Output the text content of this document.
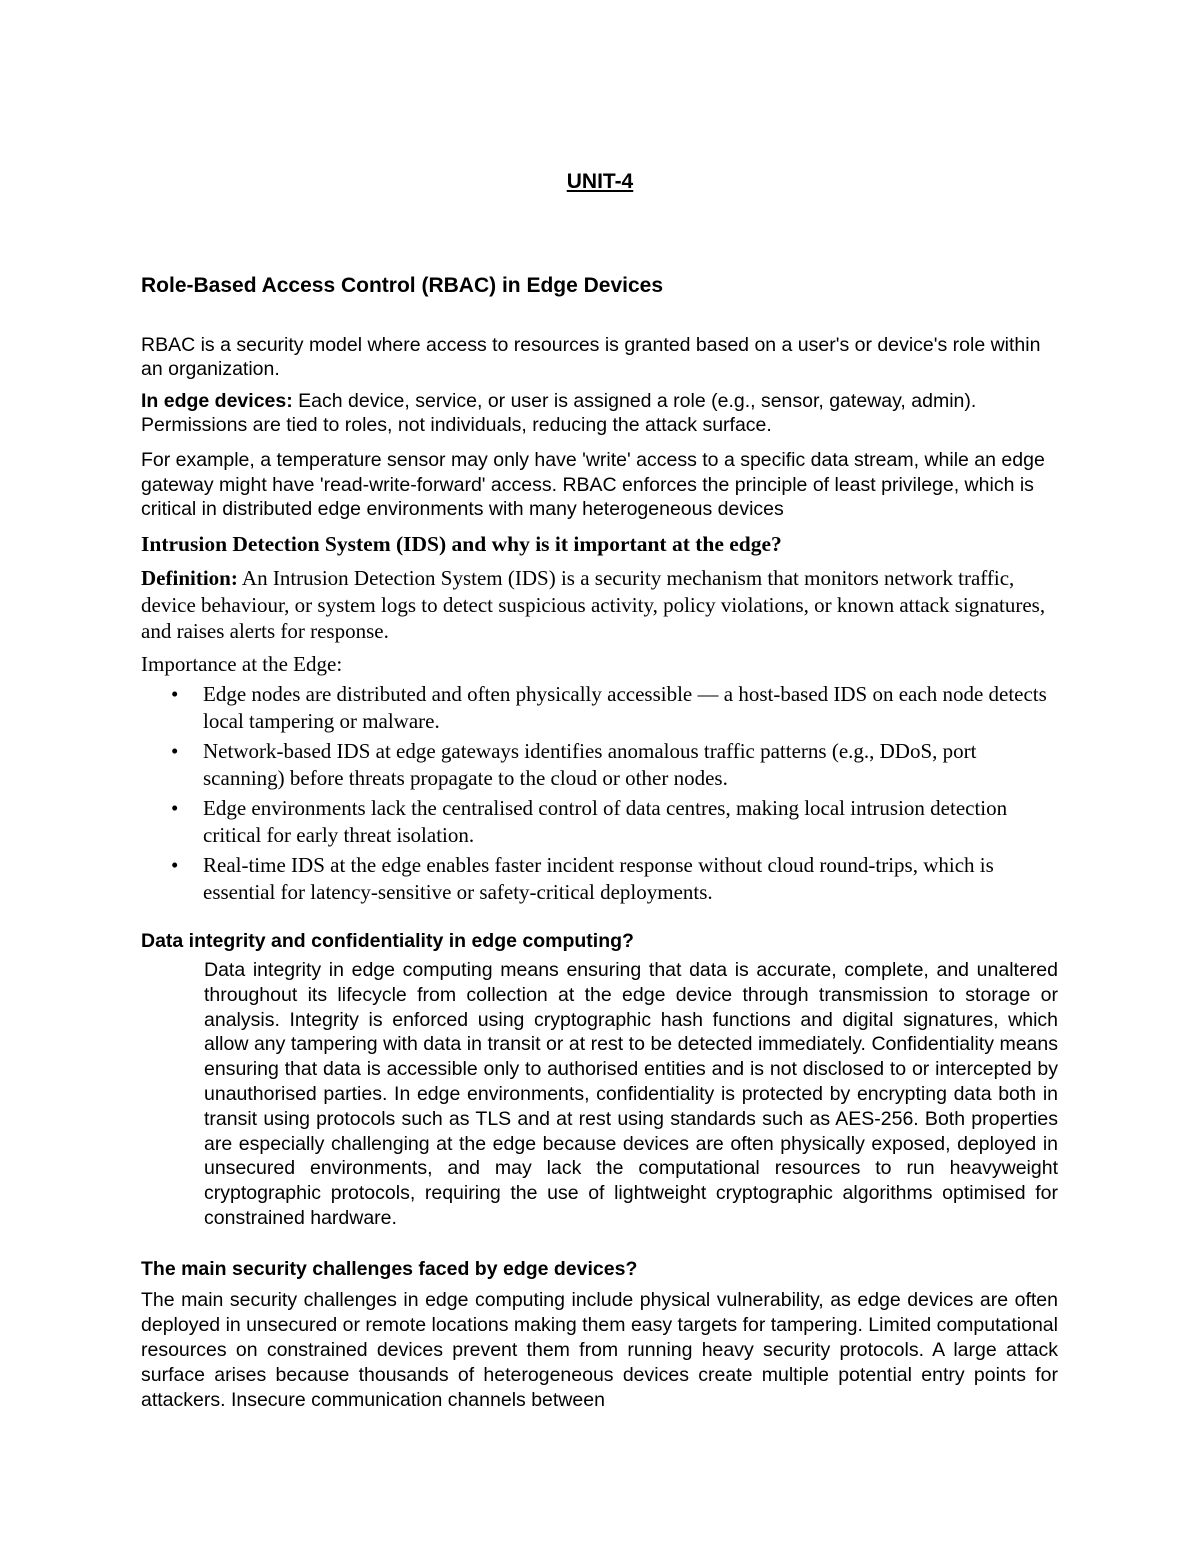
UNIT-4
Role-Based Access Control (RBAC) in Edge Devices

RBAC is a security model where access to resources is granted based on a user's or device's role within an organization.

In edge devices: Each device, service, or user is assigned a role (e.g., sensor, gateway, admin). Permissions are tied to roles, not individuals, reducing the attack surface.

For example, a temperature sensor may only have 'write' access to a specific data stream, while an edge gateway might have 'read-write-forward' access. RBAC enforces the principle of least privilege, which is critical in distributed edge environments with many heterogeneous devices

Intrusion Detection System (IDS) and why is it important at the edge?

Definition: An Intrusion Detection System (IDS) is a security mechanism that monitors network traffic, device behaviour, or system logs to detect suspicious activity, policy violations, or known attack signatures, and raises alerts for response.

Importance at the Edge:

• Edge nodes are distributed and often physically accessible — a host-based IDS on each node detects local tampering or malware.
• Network-based IDS at edge gateways identifies anomalous traffic patterns (e.g., DDoS, port scanning) before threats propagate to the cloud or other nodes.
• Edge environments lack the centralised control of data centres, making local intrusion detection critical for early threat isolation.
• Real-time IDS at the edge enables faster incident response without cloud round-trips, which is essential for latency-sensitive or safety-critical deployments.
Data integrity and confidentiality in edge computing?

Data integrity in edge computing means ensuring that data is accurate, complete, and unaltered throughout its lifecycle from collection at the edge device through transmission to storage or analysis. Integrity is enforced using cryptographic hash functions and digital signatures, which allow any tampering with data in transit or at rest to be detected immediately. Confidentiality means ensuring that data is accessible only to authorised entities and is not disclosed to or intercepted by unauthorised parties. In edge environments, confidentiality is protected by encrypting data both in transit using protocols such as TLS and at rest using standards such as AES-256. Both properties are especially challenging at the edge because devices are often physically exposed, deployed in unsecured environments, and may lack the computational resources to run heavyweight cryptographic protocols, requiring the use of lightweight cryptographic algorithms optimised for constrained hardware.

The main security challenges faced by edge devices?

The main security challenges in edge computing include physical vulnerability, as edge devices are often deployed in unsecured or remote locations making them easy targets for tampering. Limited computational resources on constrained devices prevent them from running heavy security protocols. A large attack surface arises because thousands of heterogeneous devices create multiple potential entry points for attackers. Insecure communication channels between
